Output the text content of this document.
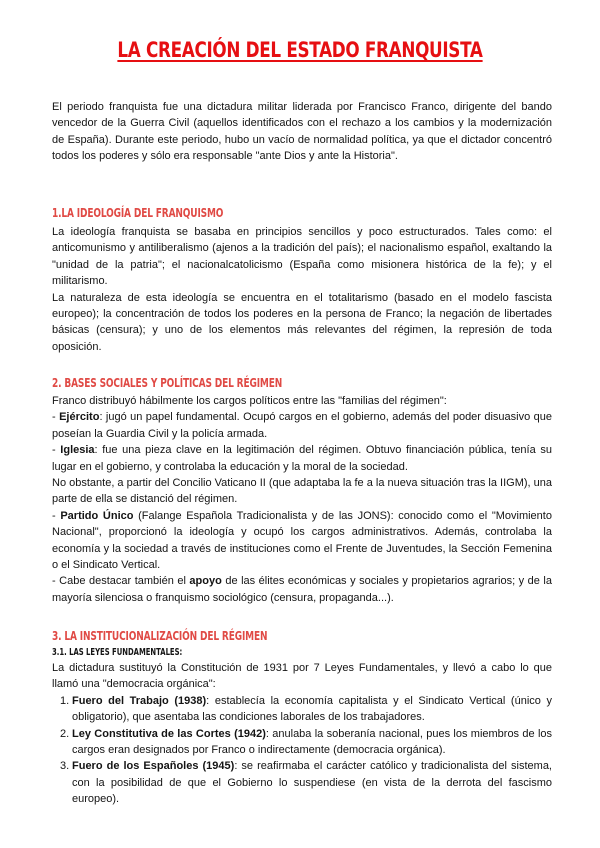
LA CREACIÓN DEL ESTADO FRANQUISTA

El periodo franquista fue una dictadura militar liderada por Francisco Franco, dirigente del bando vencedor de la Guerra Civil (aquellos identificados con el rechazo a los cambios y la modernización de España). Durante este periodo, hubo un vacío de normalidad política, ya que el dictador concentró todos los poderes y sólo era responsable "ante Dios y ante la Historia".

1.LA IDEOLOGÍA DEL FRANQUISMO

La ideología franquista se basaba en principios sencillos y poco estructurados. Tales como: el anticomunismo y antiliberalismo (ajenos a la tradición del país); el nacionalismo español, exaltando la "unidad de la patria"; el nacionalcatolicismo (España como misionera histórica de la fe); y el militarismo.

La naturaleza de esta ideología se encuentra en el totalitarismo (basado en el modelo fascista europeo); la concentración de todos los poderes en la persona de Franco; la negación de libertades básicas (censura); y uno de los elementos más relevantes del régimen, la represión de toda oposición.

2. BASES SOCIALES Y POLÍTICAS DEL RÉGIMEN

Franco distribuyó hábilmente los cargos políticos entre las "familias del régimen":

- Ejército: jugó un papel fundamental. Ocupó cargos en el gobierno, además del poder disuasivo que poseían la Guardia Civil y la policía armada.

- Iglesia: fue una pieza clave en la legitimación del régimen. Obtuvo financiación pública, tenía su lugar en el gobierno, y controlaba la educación y la moral de la sociedad.

No obstante, a partir del Concilio Vaticano II (que adaptaba la fe a la nueva situación tras la IIGM), una parte de ella se distanció del régimen.

- Partido Único (Falange Española Tradicionalista y de las JONS): conocido como el "Movimiento Nacional", proporcionó la ideología y ocupó los cargos administrativos. Además, controlaba la economía y la sociedad a través de instituciones como el Frente de Juventudes, la Sección Femenina o el Sindicato Vertical.

- Cabe destacar también el apoyo de las élites económicas y sociales y propietarios agrarios; y de la mayoría silenciosa o franquismo sociológico (censura, propaganda...).

3. LA INSTITUCIONALIZACIÓN DEL RÉGIMEN
3.1. LAS LEYES FUNDAMENTALES:

La dictadura sustituyó la Constitución de 1931 por 7 Leyes Fundamentales, y llevó a cabo lo que llamó una "democracia orgánica":

1. Fuero del Trabajo (1938): establecía la economía capitalista y el Sindicato Vertical (único y obligatorio), que asentaba las condiciones laborales de los trabajadores.
2. Ley Constitutiva de las Cortes (1942): anulaba la soberanía nacional, pues los miembros de los cargos eran designados por Franco o indirectamente (democracia orgánica).
3. Fuero de los Españoles (1945): se reafirmaba el carácter católico y tradicionalista del sistema, con la posibilidad de que el Gobierno lo suspendiese (en vista de la derrota del fascismo europeo).
